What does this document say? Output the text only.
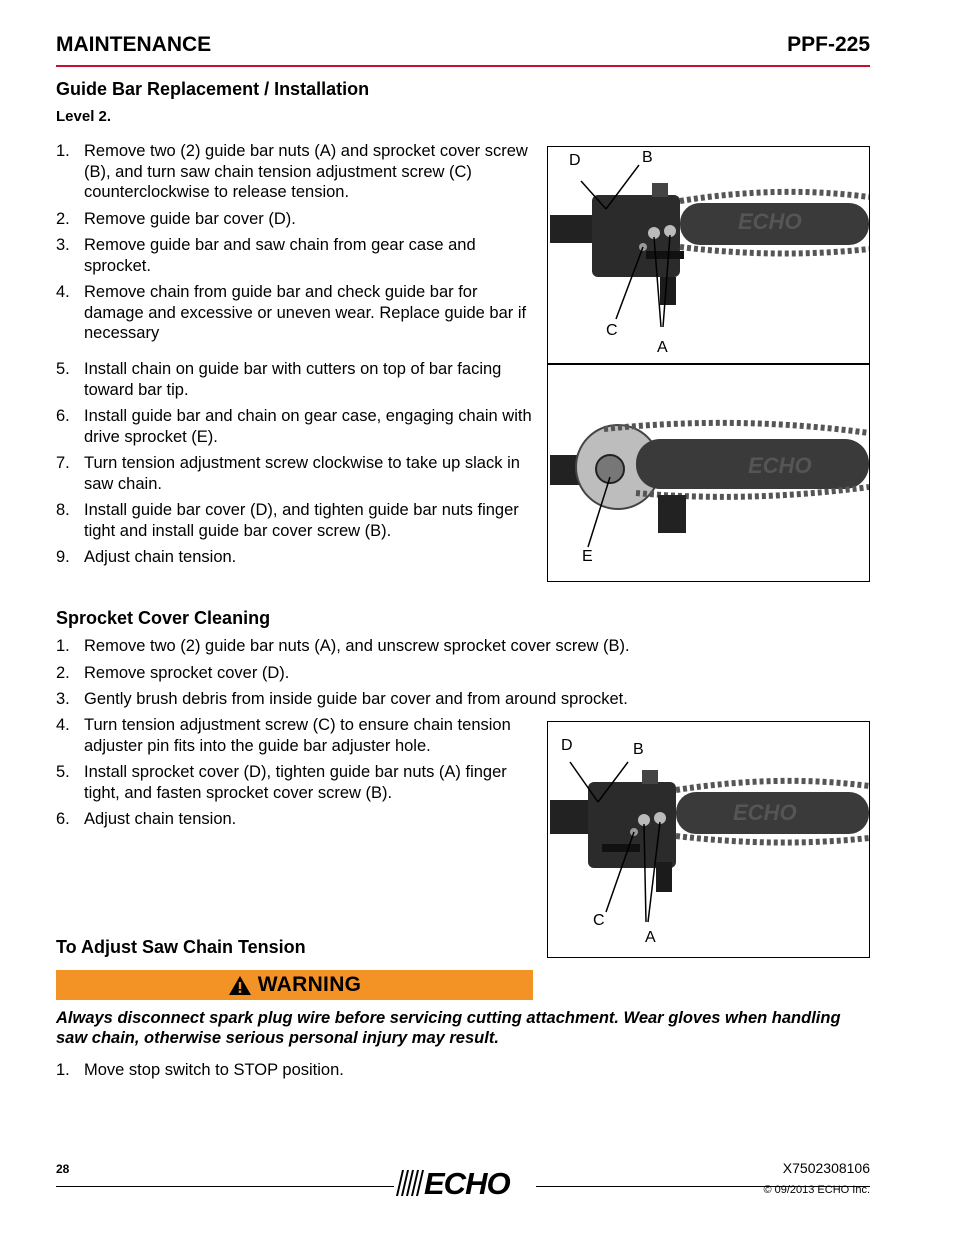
MAINTENANCE	PPF-225
Guide Bar Replacement / Installation
Level 2.
1. Remove two (2) guide bar nuts (A) and sprocket cover screw (B), and turn saw chain tension adjustment screw (C) counterclockwise to release tension.
2. Remove guide bar cover (D).
3. Remove guide bar and saw chain from gear case and sprocket.
4. Remove chain from guide bar and check guide bar for damage and excessive or uneven wear. Replace guide bar if necessary
5. Install chain on guide bar with cutters on top of bar facing toward bar tip.
6. Install guide bar and chain on gear case, engaging chain with drive sprocket (E).
7. Turn tension adjustment screw clockwise to take up slack in saw chain.
8. Install guide bar cover (D), and tighten guide bar nuts finger tight and install guide bar cover screw (B).
9. Adjust chain tension.
ECHO
D	B
C
A
ECHO
E
Sprocket Cover Cleaning
1. Remove two (2) guide bar nuts (A), and unscrew sprocket cover screw (B).
2. Remove sprocket cover (D).
3. Gently brush debris from inside guide bar cover and from around sprocket.
4. Turn tension adjustment screw (C) to ensure chain tension adjuster pin fits into the guide bar adjuster hole.
5. Install sprocket cover (D), tighten guide bar nuts (A) finger tight, and fasten sprocket cover screw (B).
6. Adjust chain tension.	ECHO
D	B
C
A
To Adjust Saw Chain Tension
WARNING
Always disconnect spark plug wire before servicing cutting attachment. Wear gloves when handling saw chain, otherwise serious personal injury may result.
1. Move stop switch to STOP position.
28	ECHO	X7502308106
© 09/2013 ECHO Inc.
